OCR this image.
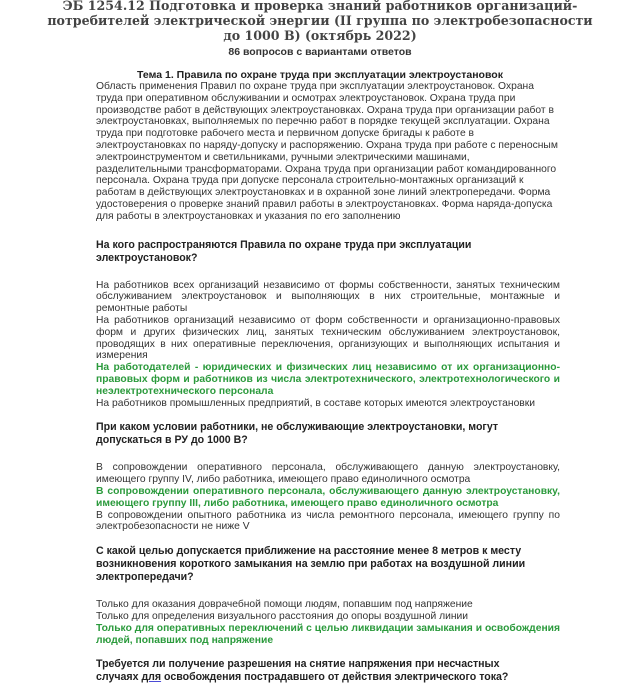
ЭБ 1254.12 Подготовка и проверка знаний работников организаций-
потребителей электрической энергии (II группа по электробезопасности
до 1000 В) (октябрь 2022)
86 вопросов с вариантами ответов
Тема 1. Правила по охране труда при эксплуатации электроустановок
Область применения Правил по охране труда при эксплуатации электроустановок. Охрана труда при оперативном обслуживании и осмотрах электроустановок. Охрана труда при производстве работ в действующих электроустановках. Охрана труда при организации работ в электроустановках, выполняемых по перечню работ в порядке текущей эксплуатации. Охрана труда при подготовке рабочего места и первичном допуске бригады к работе в электроустановках по наряду-допуску и распоряжению. Охрана труда при работе с переносным электроинструментом и светильниками, ручными электрическими машинами, разделительными трансформаторами. Охрана труда при организации работ командированного персонала. Охрана труда при допуске персонала строительно-монтажных организаций к работам в действующих электроустановках и в охранной зоне линий электропередачи. Форма удостоверения о проверке знаний правил работы в электроустановках. Форма наряда-допуска для работы в электроустановках и указания по его заполнению
На кого распространяются Правила по охране труда при эксплуатации электроустановок?
На работников всех организаций независимо от формы собственности, занятых техническим обслуживанием электроустановок и выполняющих в них строительные, монтажные и ремонтные работы
На работников организаций независимо от форм собственности и организационно-правовых форм и других физических лиц, занятых техническим обслуживанием электроустановок, проводящих в них оперативные переключения, организующих и выполняющих испытания и измерения
На работодателей - юридических и физических лиц независимо от их организационно-правовых форм и работников из числа электротехнического, электротехнологического и неэлектротехнического персонала
На работников промышленных предприятий, в составе которых имеются электроустановки
При каком условии работники, не обслуживающие электроустановки, могут допускаться в РУ до 1000 В?
В сопровождении оперативного персонала, обслуживающего данную электроустановку, имеющего группу IV, либо работника, имеющего право единоличного осмотра
В сопровождении оперативного персонала, обслуживающего данную электроустановку, имеющего группу III, либо работника, имеющего право единоличного осмотра
В сопровождении опытного работника из числа ремонтного персонала, имеющего группу по электробезопасности не ниже V
С какой целью допускается приближение на расстояние менее 8 метров к месту возникновения короткого замыкания на землю при работах на воздушной линии электропередачи?
Только для оказания доврачебной помощи людям, попавшим под напряжение
Только для определения визуального расстояния до опоры воздушной линии
Только для оперативных переключений с целью ликвидации замыкания и освобождения людей, попавших под напряжение
Требуется ли получение разрешения на снятие напряжения при несчастных случаях для освобождения пострадавшего от действия электрического тока?
